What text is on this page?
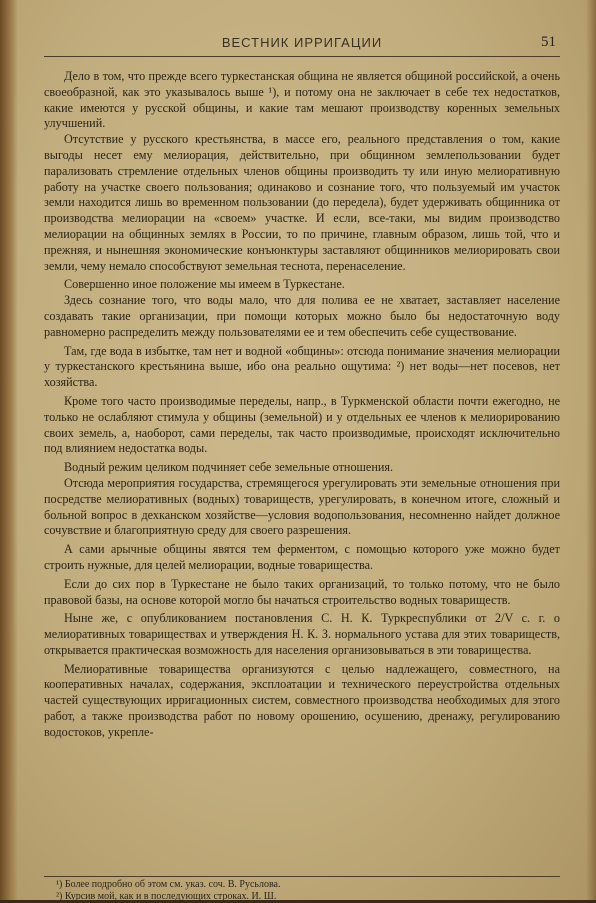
ВЕСТНИК ИРРИГАЦИИ	51

Дело в том, что прежде всего туркестанская община не является общиной российской, а очень своеобразной, как это указывалось выше ¹), и потому она не заключает в себе тех недостатков, какие имеются у русской общины, и какие там мешают производству коренных земельных улучшений.

Отсутствие у русского крестьянства, в массе его, реального представления о том, какие выгоды несет ему мелиорация, действительно, при общинном землепользовании будет парализовать стремление отдельных членов общины производить ту или иную мелиоративную работу на участке своего пользования; одинаково и сознание того, что пользуемый им участок земли находится лишь во временном пользовании (до передела), будет удерживать общинника от производства мелиорации на «своем» участке. И если, все-таки, мы видим производство мелиорации на общинных землях в России, то по причине, главным образом, лишь той, что и прежняя, и нынешняя экономические конъюнктуры заставляют общинников мелиорировать свои земли, чему немало способствуют земельная теснота, перенаселение.

Совершенно иное положение мы имеем в Туркестане.

Здесь сознание того, что воды мало, что для полива ее не хватает, заставляет население создавать такие организации, при помощи которых можно было бы недостаточную воду равномерно распределить между пользователями ее и тем обеспечить себе существование.

Там, где вода в избытке, там нет и водной «общины»: отсюда понимание значения мелиорации у туркестанского крестьянина выше, ибо она реально ощутима: ²) нет воды—нет посевов, нет хозяйства.

Кроме того часто производимые переделы, напр., в Туркменской области почти ежегодно, не только не ослабляют стимула у общины (земельной) и у отдельных ее членов к мелиорированию своих земель, а, наоборот, сами переделы, так часто производимые, происходят исключительно под влиянием недостатка воды.

Водный режим целиком подчиняет себе земельные отношения.

Отсюда мероприятия государства, стремящегося урегулировать эти земельные отношения при посредстве мелиоративных (водных) товариществ, урегулировать, в конечном итоге, сложный и больной вопрос в дехканском хозяйстве—условия водопользования, несомненно найдет должное сочувствие и благоприятную среду для своего разрешения.

А сами арычные общины явятся тем ферментом, с помощью которого уже можно будет строить нужные, для целей мелиорации, водные товарищества.

Если до сих пор в Туркестане не было таких организаций, то только потому, что не было правовой базы, на основе которой могло бы начаться строительство водных товариществ.

Ныне же, с опубликованием постановления С. Н. К. Туркреспублики от 2/V с. г. о мелиоративных товариществах и утверждения Н. К. З. нормального устава для этих товариществ, открывается практическая возможность для населения организовываться в эти товарищества.

Мелиоративные товарищества организуются с целью надлежащего, совместного, на кооперативных началах, содержания, эксплоатации и технического переустройства отдельных частей существующих ирригационных систем, совместного производства необходимых для этого работ, а также производства работ по новому орошению, осушению, дренажу, регулированию водостоков, укрепле-

¹) Более подробно об этом см. указ. соч. В. Русьлова.

²) Курсив мой, как и в последующих строках. И. Ш.
